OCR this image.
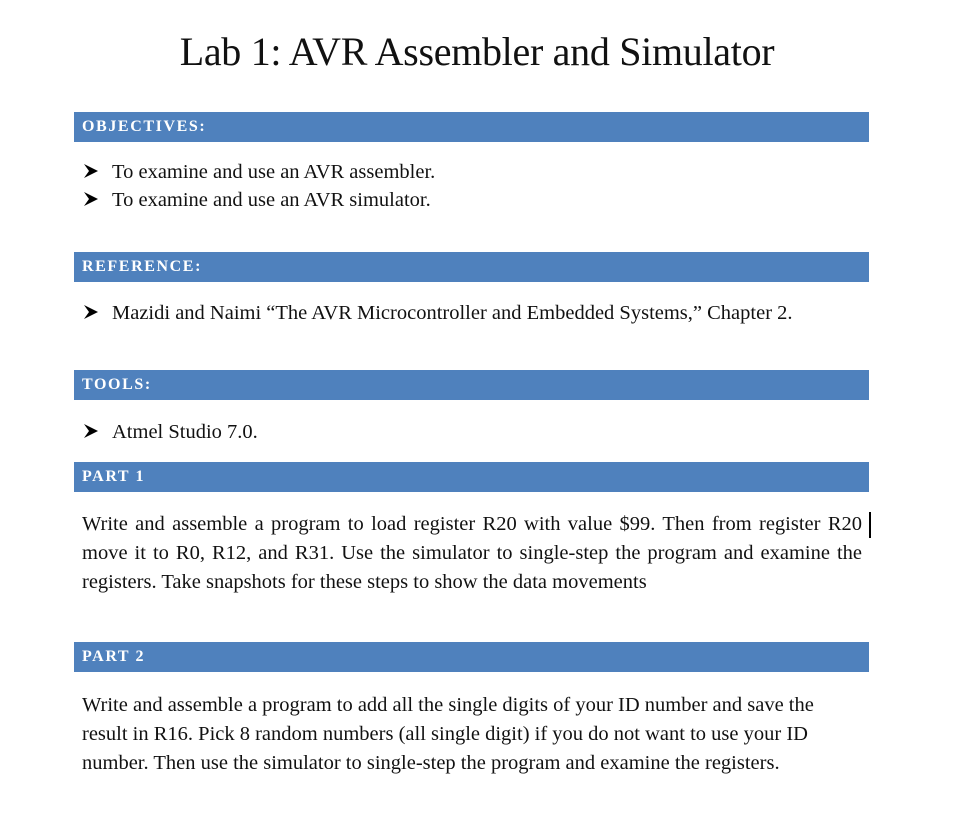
Lab 1: AVR Assembler and Simulator
OBJECTIVES:
To examine and use an AVR assembler.
To examine and use an AVR simulator.
REFERENCE:
Mazidi and Naimi “The AVR Microcontroller and Embedded Systems,” Chapter 2.
TOOLS:
Atmel Studio 7.0.
PART 1

Write and assemble a program to load register R20 with value $99. Then from register R20 move it to R0, R12, and R31. Use the simulator to single-step the program and examine the registers. Take snapshots for these steps to show the data movements

PART 2

Write and assemble a program to add all the single digits of your ID number and save the result in R16. Pick 8 random numbers (all single digit) if you do not want to use your ID number. Then use the simulator to single-step the program and examine the registers.
